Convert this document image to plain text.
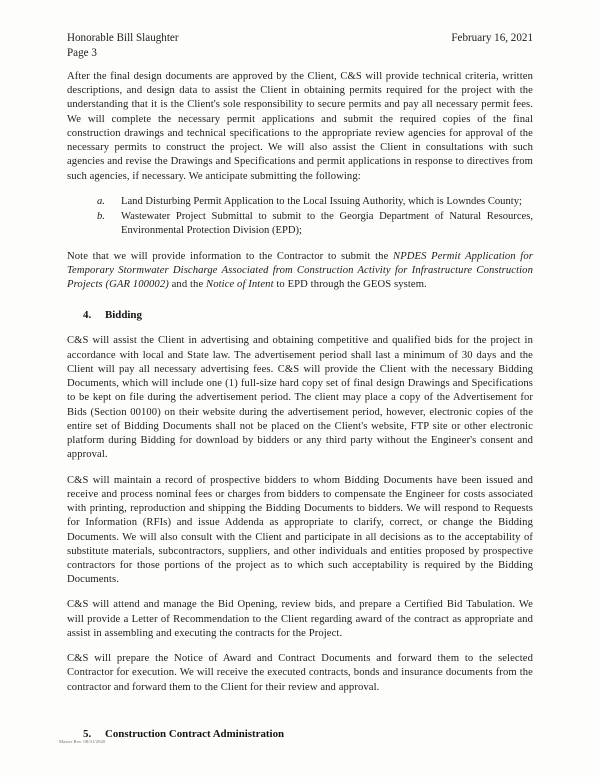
Honorable Bill Slaughter
Page 3
February 16, 2021

After the final design documents are approved by the Client, C&S will provide technical criteria, written descriptions, and design data to assist the Client in obtaining permits required for the project with the understanding that it is the Client's sole responsibility to secure permits and pay all necessary permit fees. We will complete the necessary permit applications and submit the required copies of the final construction drawings and technical specifications to the appropriate review agencies for approval of the necessary permits to construct the project. We will also assist the Client in consultations with such agencies and revise the Drawings and Specifications and permit applications in response to directives from such agencies, if necessary. We anticipate submitting the following:

a.	Land Disturbing Permit Application to the Local Issuing Authority, which is Lowndes County;
b.	Wastewater Project Submittal to submit to the Georgia Department of Natural Resources, Environmental Protection Division (EPD);

Note that we will provide information to the Contractor to submit the NPDES Permit Application for Temporary Stormwater Discharge Associated from Construction Activity for Infrastructure Construction Projects (GAR 100002) and the Notice of Intent to EPD through the GEOS system.

4.	Bidding

C&S will assist the Client in advertising and obtaining competitive and qualified bids for the project in accordance with local and State law. The advertisement period shall last a minimum of 30 days and the Client will pay all necessary advertising fees. C&S will provide the Client with the necessary Bidding Documents, which will include one (1) full-size hard copy set of final design Drawings and Specifications to be kept on file during the advertisement period. The client may place a copy of the Advertisement for Bids (Section 00100) on their website during the advertisement period, however, electronic copies of the entire set of Bidding Documents shall not be placed on the Client's website, FTP site or other electronic platform during Bidding for download by bidders or any third party without the Engineer's consent and approval.

C&S will maintain a record of prospective bidders to whom Bidding Documents have been issued and receive and process nominal fees or charges from bidders to compensate the Engineer for costs associated with printing, reproduction and shipping the Bidding Documents to bidders. We will respond to Requests for Information (RFIs) and issue Addenda as appropriate to clarify, correct, or change the Bidding Documents. We will also consult with the Client and participate in all decisions as to the acceptability of substitute materials, subcontractors, suppliers, and other individuals and entities proposed by prospective contractors for those portions of the project as to which such acceptability is required by the Bidding Documents.

C&S will attend and manage the Bid Opening, review bids, and prepare a Certified Bid Tabulation. We will provide a Letter of Recommendation to the Client regarding award of the contract as appropriate and assist in assembling and executing the contracts for the Project.

C&S will prepare the Notice of Award and Contract Documents and forward them to the selected Contractor for execution. We will receive the executed contracts, bonds and insurance documents from the contractor and forward them to the Client for their review and approval.

5.	Construction Contract Administration
Master Rev. 08/31/2020
